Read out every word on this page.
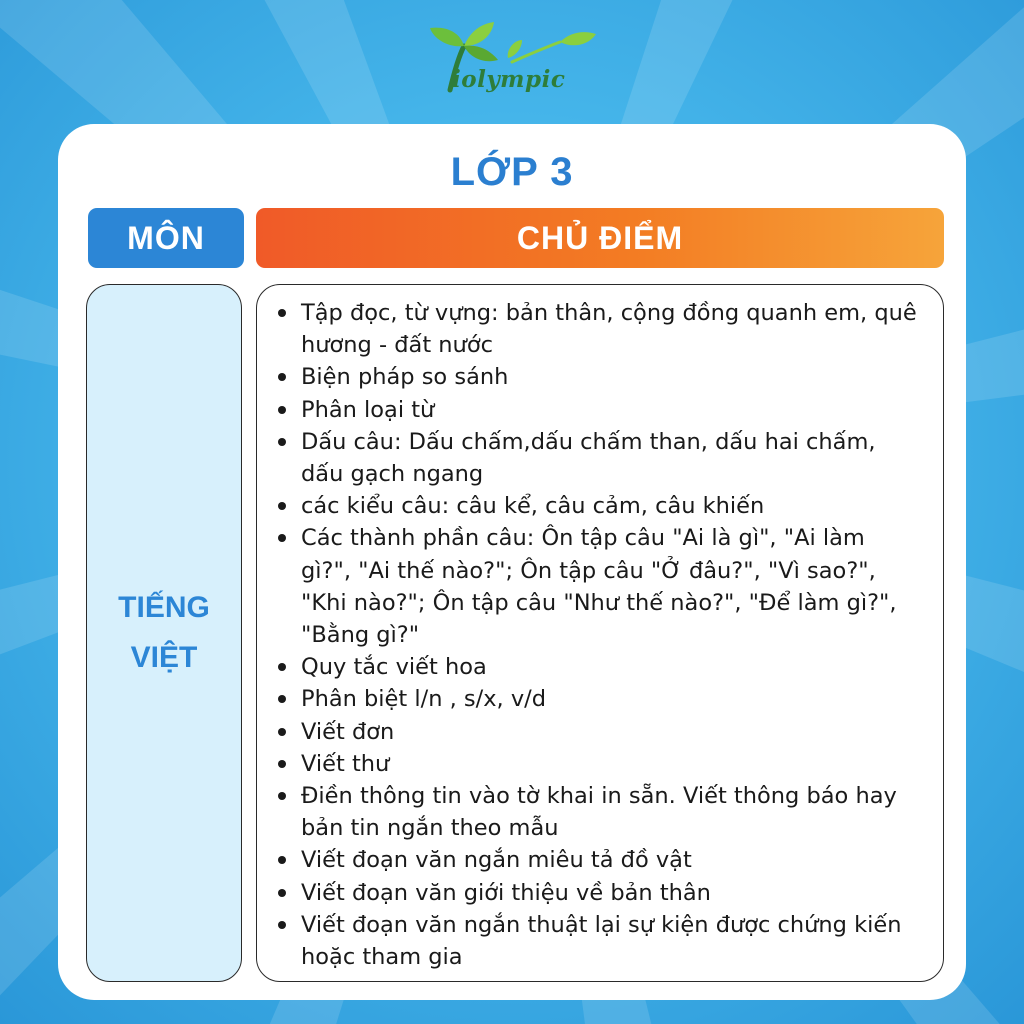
iolympic
LỚP 3
MÔN	CHỦ ĐIỂM
TIẾNG
VIỆT
Tập đọc, từ vựng: bản thân, cộng đồng quanh em, quê hương - đất nước
Biện pháp so sánh
Phân loại từ
Dấu câu: Dấu chấm,dấu chấm than, dấu hai chấm, dấu gạch ngang
các kiểu câu: câu kể, câu cảm, câu khiến
Các thành phần câu: Ôn tập câu "Ai là gì", "Ai làm gì?", "Ai thế nào?"; Ôn tập câu "Ở đâu?", "Vì sao?", "Khi nào?"; Ôn tập câu "Như thế nào?", "Để làm gì?", "Bằng gì?"
Quy tắc viết hoa
Phân biệt l/n , s/x, v/d
Viết đơn
Viết thư
Điền thông tin vào tờ khai in sẵn. Viết thông báo hay bản tin ngắn theo mẫu
Viết đoạn văn ngắn miêu tả đồ vật
Viết đoạn văn giới thiệu về bản thân
Viết đoạn văn ngắn thuật lại sự kiện được chứng kiến hoặc tham gia
